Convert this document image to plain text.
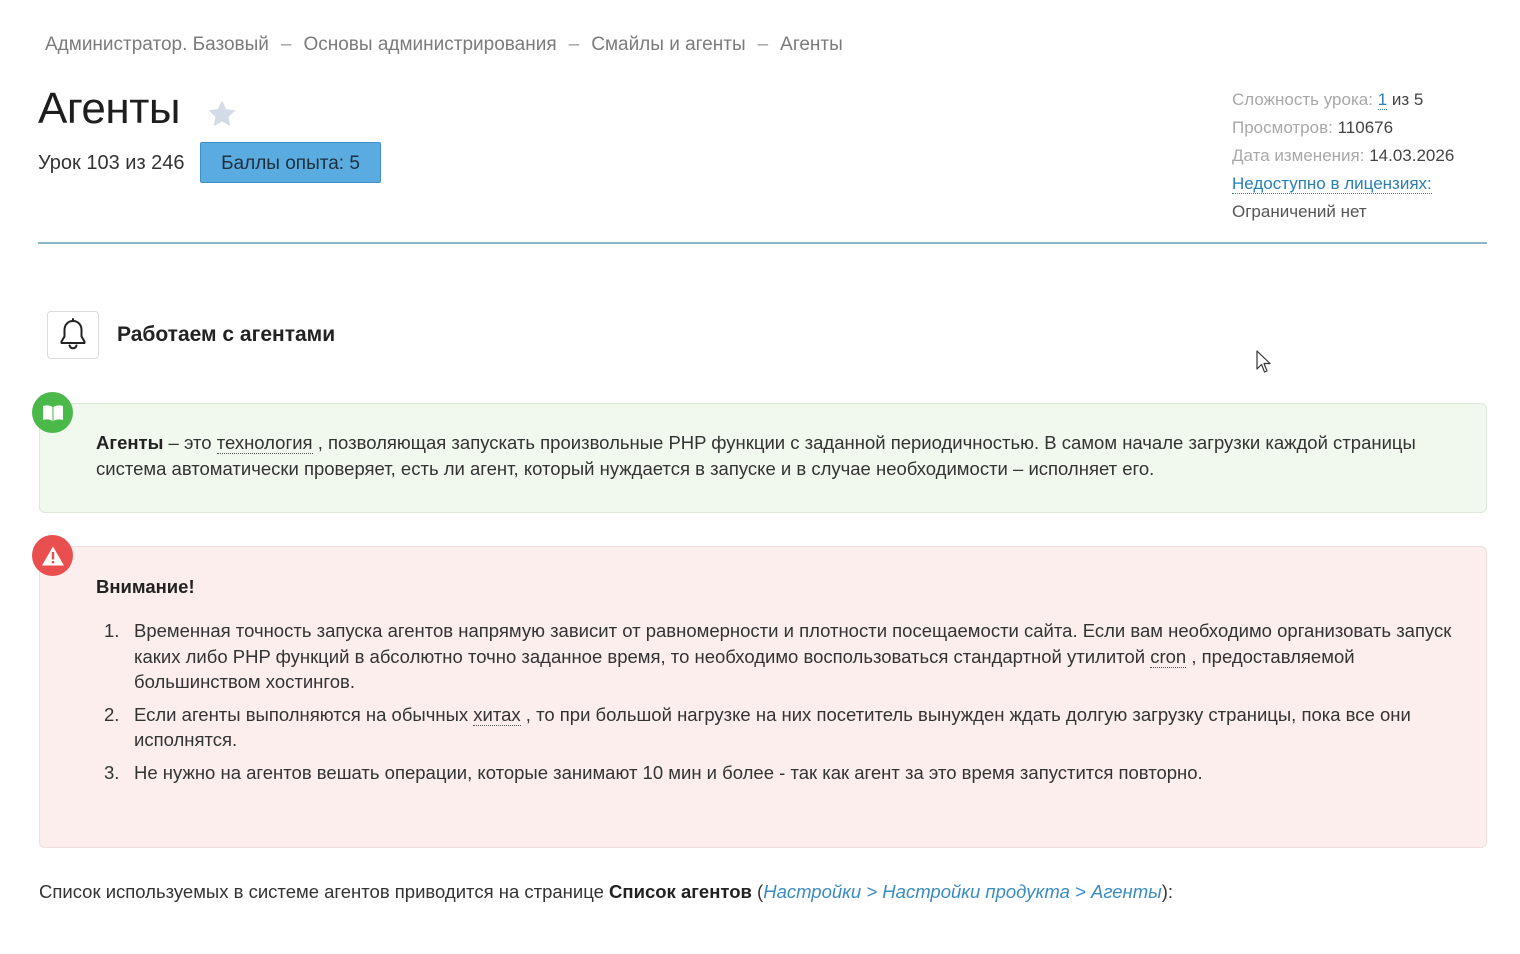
Администратор. Базовый – Основы администрирования – Смайлы и агенты – Агенты
Агенты
Урок 103 из 246	Баллы опыта: 5
Сложность урока: 1 из 5
Просмотров: 110676
Дата изменения: 14.03.2026
Недоступно в лицензиях:
Ограничений нет
Работаем с агентами
Агенты – это технология , позволяющая запускать произвольные PHP функции с заданной периодичностью. В самом начале загрузки каждой страницы система автоматически проверяет, есть ли агент, который нуждается в запуске и в случае необходимости – исполняет его.
Внимание!
1. Временная точность запуска агентов напрямую зависит от равномерности и плотности посещаемости сайта. Если вам необходимо организовать запуск каких либо PHP функций в абсолютно точно заданное время, то необходимо воспользоваться стандартной утилитой cron , предоставляемой большинством хостингов.
2. Если агенты выполняются на обычных хитах , то при большой нагрузке на них посетитель вынужден ждать долгую загрузку страницы, пока все они исполнятся.
3. Не нужно на агентов вешать операции, которые занимают 10 мин и более - так как агент за это время запустится повторно.
Список используемых в системе агентов приводится на странице Список агентов (Настройки > Настройки продукта > Агенты):
